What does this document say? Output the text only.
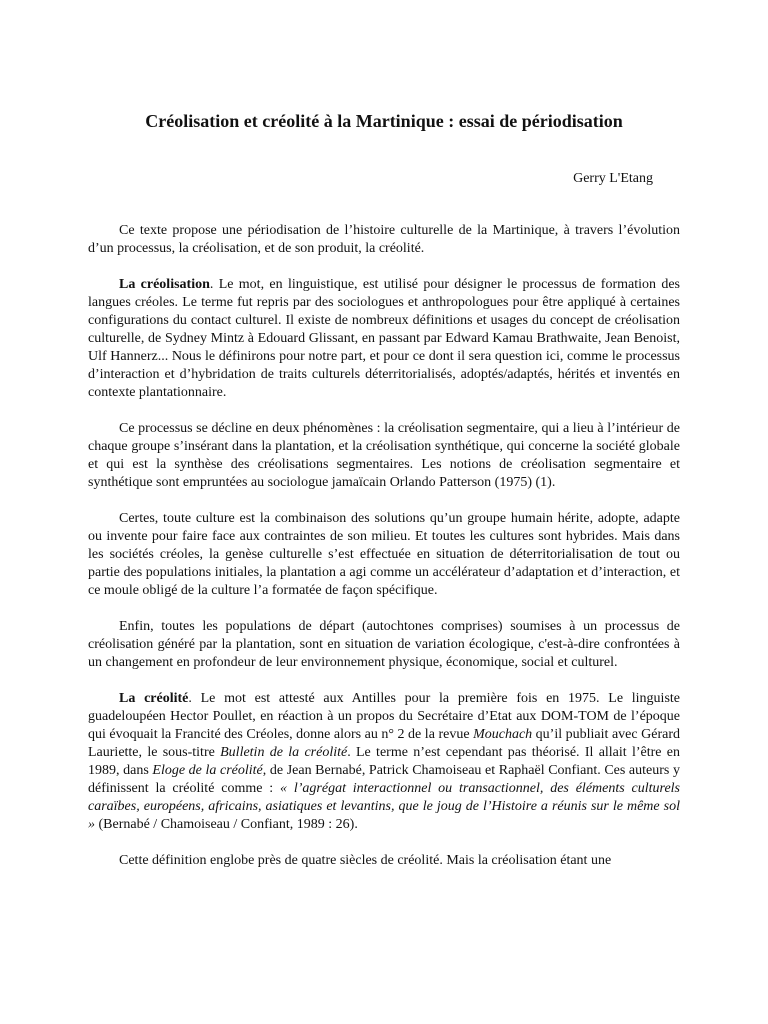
Créolisation et créolité à la Martinique : essai de périodisation

Gerry L'Etang

Ce texte propose une périodisation de l’histoire culturelle de la Martinique, à travers l’évolution d’un processus, la créolisation, et de son produit, la créolité.

La créolisation. Le mot, en linguistique, est utilisé pour désigner le processus de formation des langues créoles. Le terme fut repris par des sociologues et anthropologues pour être appliqué à certaines configurations du contact culturel. Il existe de nombreux définitions et usages du concept de créolisation culturelle, de Sydney Mintz à Edouard Glissant, en passant par Edward Kamau Brathwaite, Jean Benoist, Ulf Hannerz... Nous le définirons pour notre part, et pour ce dont il sera question ici, comme le processus d’interaction et d’hybridation de traits culturels déterritorialisés, adoptés/adaptés, hérités et inventés en contexte plantationnaire.

Ce processus se décline en deux phénomènes : la créolisation segmentaire, qui a lieu à l’intérieur de chaque groupe s’insérant dans la plantation, et la créolisation synthétique, qui concerne la société globale et qui est la synthèse des créolisations segmentaires. Les notions de créolisation segmentaire et synthétique sont empruntées au sociologue jamaïcain Orlando Patterson (1975) (1).

Certes, toute culture est la combinaison des solutions qu’un groupe humain hérite, adopte, adapte ou invente pour faire face aux contraintes de son milieu. Et toutes les cultures sont hybrides. Mais dans les sociétés créoles, la genèse culturelle s’est effectuée en situation de déterritorialisation de tout ou partie des populations initiales, la plantation a agi comme un accélérateur d’adaptation et d’interaction, et ce moule obligé de la culture l’a formatée de façon spécifique.

Enfin, toutes les populations de départ (autochtones comprises) soumises à un processus de créolisation généré par la plantation, sont en situation de variation écologique, c'est-à-dire confrontées à un changement en profondeur de leur environnement physique, économique, social et culturel.

La créolité. Le mot est attesté aux Antilles pour la première fois en 1975. Le linguiste guadeloupéen Hector Poullet, en réaction à un propos du Secrétaire d’Etat aux DOM-TOM de l’époque qui évoquait la Francité des Créoles, donne alors au n° 2 de la revue Mouchach qu’il publiait avec Gérard Lauriette, le sous-titre Bulletin de la créolité. Le terme n’est cependant pas théorisé. Il allait l’être en 1989, dans Eloge de la créolité, de Jean Bernabé, Patrick Chamoiseau et Raphaël Confiant. Ces auteurs y définissent la créolité comme : « l’agrégat interactionnel ou transactionnel, des éléments culturels caraïbes, européens, africains, asiatiques et levantins, que le joug de l’Histoire a réunis sur le même sol » (Bernabé / Chamoiseau / Confiant, 1989 : 26).

Cette définition englobe près de quatre siècles de créolité. Mais la créolisation étant une
